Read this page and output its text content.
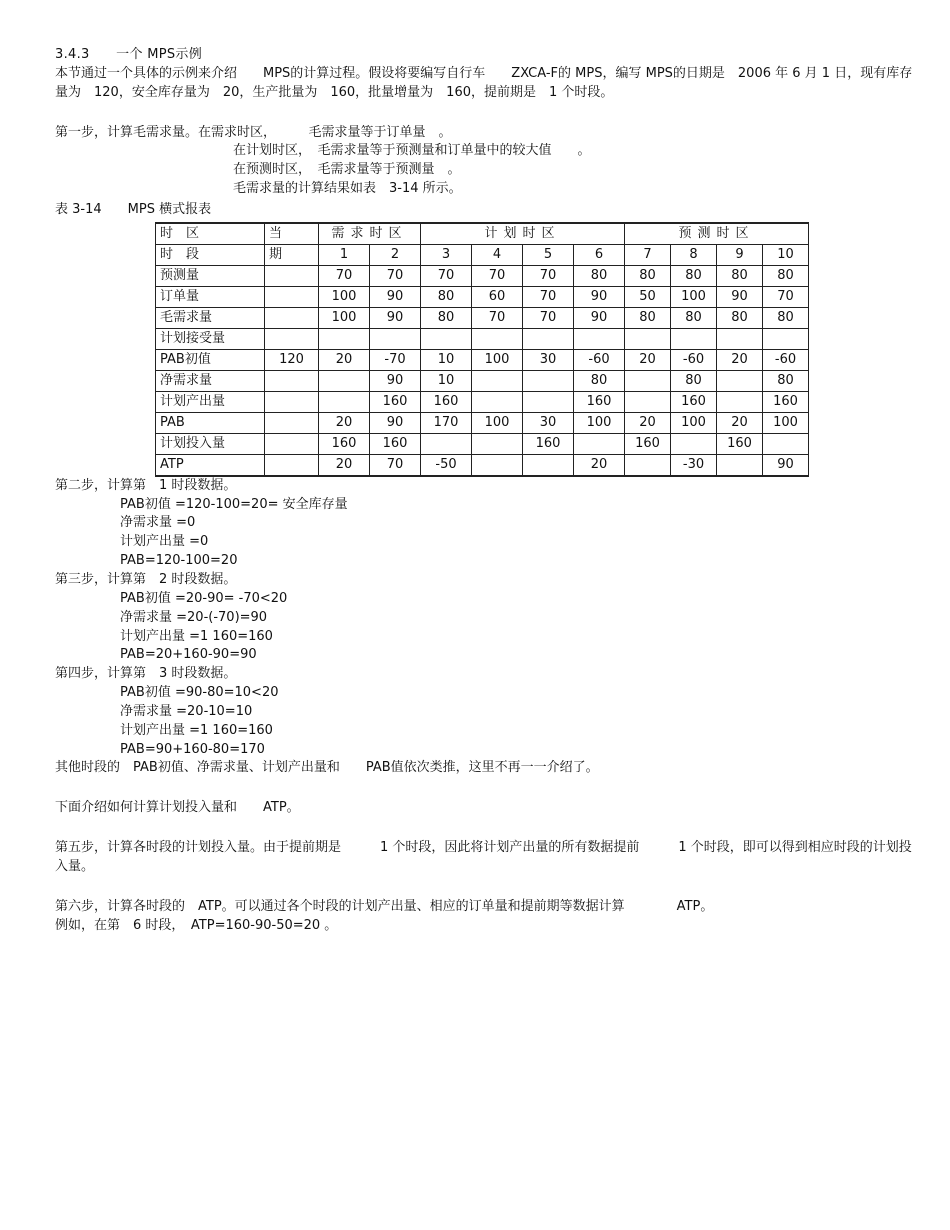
3.4.3　　一个 MPS示例

本节通过一个具体的示例来介绍　　MPS的计算过程。假设将要编写自行车　　ZXCA-F的 MPS，编写 MPS的日期是　2006 年 6 月 1 日，现有库存量为　120，安全库存量为　20，生产批量为　160，批量增量为　160，提前期是　1 个时段。

第一步，计算毛需求量。在需求时区，　　　毛需求量等于订单量　。

在计划时区，　毛需求量等于预测量和订单量中的较大值　　。

在预测时区，　毛需求量等于预测量　。

毛需求量的计算结果如表　3-14 所示。

表 3-14　　MPS 横式报表

时　区	当	需求时区		计划时区				预测时区			
时　段	期	1	2	3	4	5	6	7	8	9	10
预测量		70	70	70	70	70	80	80	80	80	80
订单量		100	90	80	60	70	90	50	100	90	70
毛需求量		100	90	80	70	70	90	80	80	80	80
计划接受量											
PAB初值	120	20	-70	10	100	30	-60	20	-60	20	-60
净需求量			90	10			80		80		80
计划产出量			160	160			160		160		160
PAB		20	90	170	100	30	100	20	100	20	100
计划投入量		160	160			160		160		160	
ATP		20	70	-50			20		-30		90

第二步，计算第　1 时段数据。

PAB初值 =120-100=20= 安全库存量

净需求量 =0

计划产出量 =0

PAB=120-100=20

第三步，计算第　2 时段数据。

PAB初值 =20-90= -70<20

净需求量 =20-(-70)=90

计划产出量 =1 160=160

PAB=20+160-90=90

第四步，计算第　3 时段数据。

PAB初值 =90-80=10<20

净需求量 =20-10=10

计划产出量 =1 160=160

PAB=90+160-80=170

其他时段的　PAB初值、净需求量、计划产出量和　　PAB值依次类推，这里不再一一介绍了。

下面介绍如何计算计划投入量和　　ATP。

第五步，计算各时段的计划投入量。由于提前期是　　　1 个时段，因此将计划产出量的所有数据提前　　　1 个时段，即可以得到相应时段的计划投入量。

第六步，计算各时段的　ATP。可以通过各个时段的计划产出量、相应的订单量和提前期等数据计算　　　　ATP。

例如，在第　6 时段，　ATP=160-90-50=20 。
